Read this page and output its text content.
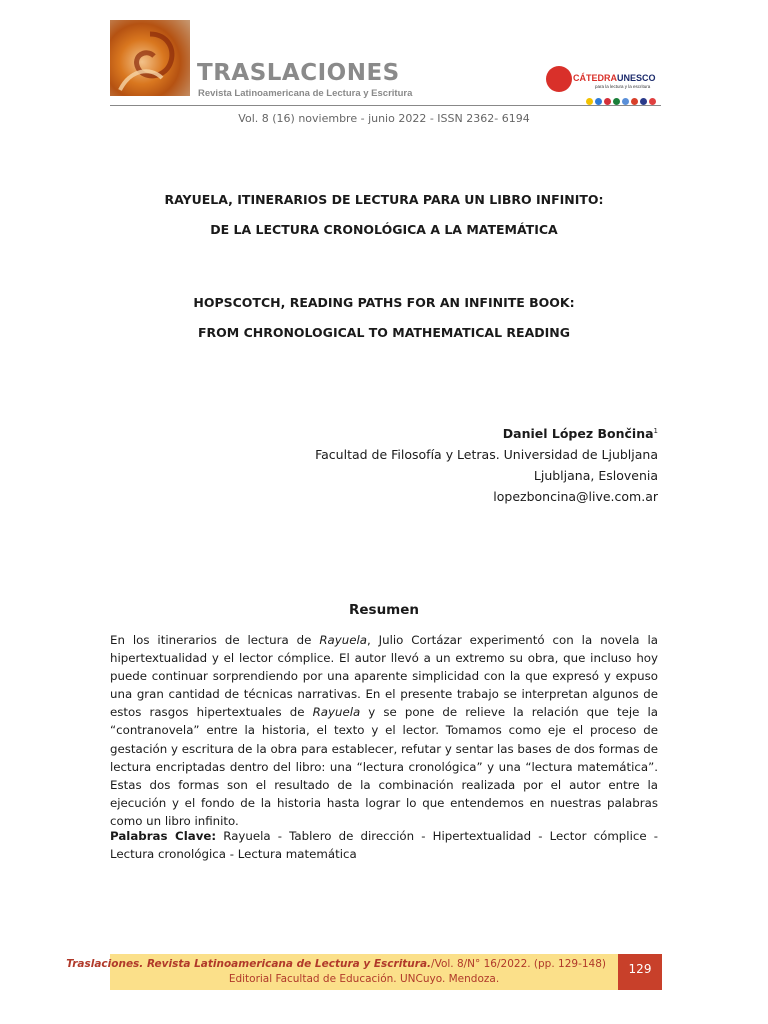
TRASLACIONES
Revista Latinoamericana de Lectura y Escritura
CÁTEDRAUNESCO
para la lectura y la escritura
Vol. 8 (16) noviembre - junio 2022 - ISSN 2362- 6194
RAYUELA, ITINERARIOS DE LECTURA PARA UN LIBRO INFINITO:
DE LA LECTURA CRONOLÓGICA A LA MATEMÁTICA
HOPSCOTCH, READING PATHS FOR AN INFINITE BOOK:
FROM CHRONOLOGICAL TO MATHEMATICAL READING
Daniel López Bončina$^1$
Facultad de Filosofía y Letras. Universidad de Ljubljana
Ljubljana, Eslovenia
lopezboncina@live.com.ar
Resumen
En los itinerarios de lectura de Rayuela, Julio Cortázar experimentó con la novela la hipertextualidad y el lector cómplice. El autor llevó a un extremo su obra, que incluso hoy puede continuar sorprendiendo por una aparente simplicidad con la que expresó y expuso una gran cantidad de técnicas narrativas. En el presente trabajo se interpretan algunos de estos rasgos hipertextuales de Rayuela y se pone de relieve la relación que teje la “contranovela” entre la historia, el texto y el lector. Tomamos como eje el proceso de gestación y escritura de la obra para establecer, refutar y sentar las bases de dos formas de lectura encriptadas dentro del libro: una “lectura cronológica” y una “lectura matemática”. Estas dos formas son el resultado de la combinación realizada por el autor entre la ejecución y el fondo de la historia hasta lograr lo que entendemos en nuestras palabras como un libro infinito.
Palabras Clave: Rayuela - Tablero de dirección - Hipertextualidad - Lector cómplice - Lectura cronológica - Lectura matemática
Traslaciones. Revista Latinoamericana de Lectura y Escritura./Vol. 8/N° 16/2022. (pp. 129-148)
Editorial Facultad de Educación. UNCuyo. Mendoza.
129
